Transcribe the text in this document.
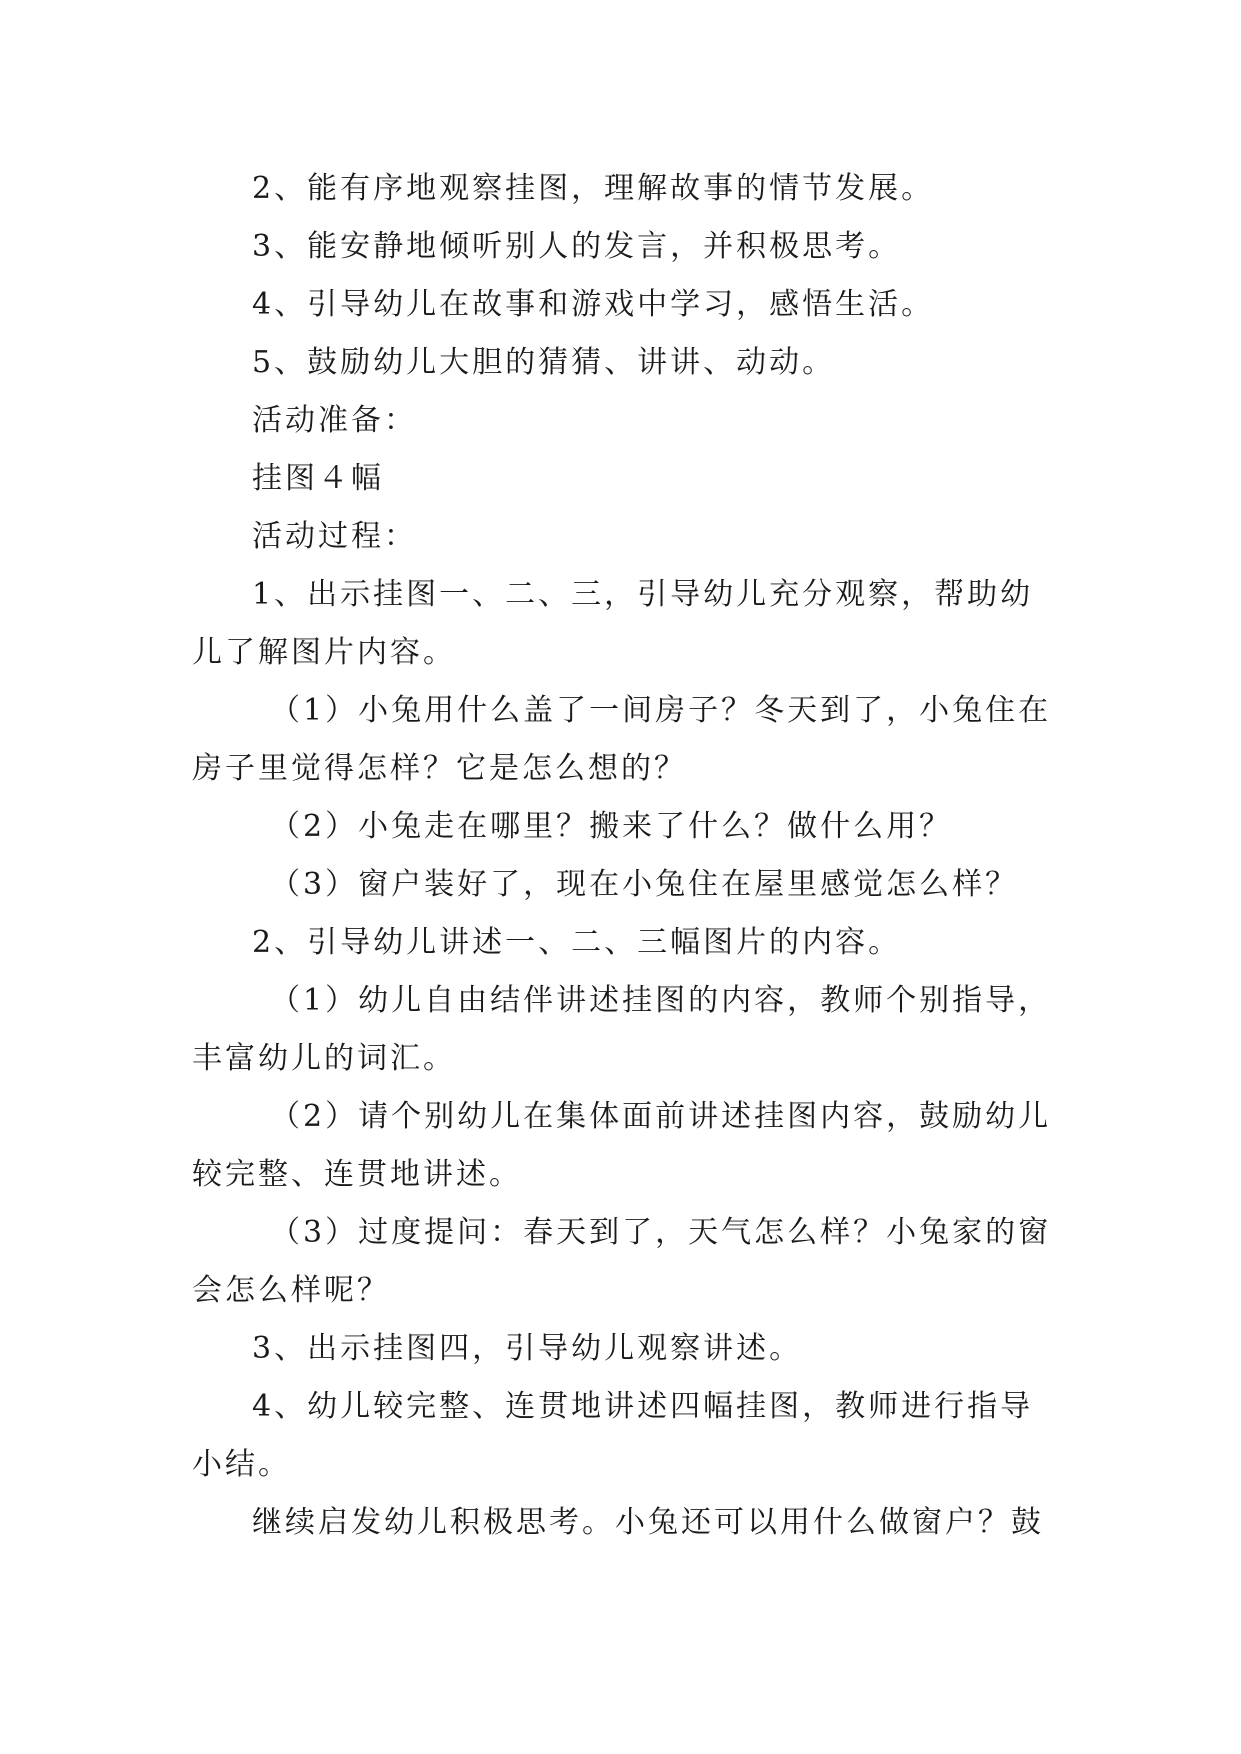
2、能有序地观察挂图，理解故事的情节发展。

3、能安静地倾听别人的发言，并积极思考。

4、引导幼儿在故事和游戏中学习，感悟生活。

5、鼓励幼儿大胆的猜猜、讲讲、动动。

活动准备：

挂图４幅

活动过程：

1、出示挂图一、二、三，引导幼儿充分观察，帮助幼儿了解图片内容。

（1）小兔用什么盖了一间房子？冬天到了，小兔住在房子里觉得怎样？它是怎么想的？

（2）小兔走在哪里？搬来了什么？做什么用？

（3）窗户装好了，现在小兔住在屋里感觉怎么样？

2、引导幼儿讲述一、二、三幅图片的内容。

（1）幼儿自由结伴讲述挂图的内容，教师个别指导，丰富幼儿的词汇。

（2）请个别幼儿在集体面前讲述挂图内容，鼓励幼儿较完整、连贯地讲述。

（3）过度提问：春天到了，天气怎么样？小兔家的窗会怎么样呢？

3、出示挂图四，引导幼儿观察讲述。

4、幼儿较完整、连贯地讲述四幅挂图，教师进行指导小结。

继续启发幼儿积极思考。小兔还可以用什么做窗户？鼓
